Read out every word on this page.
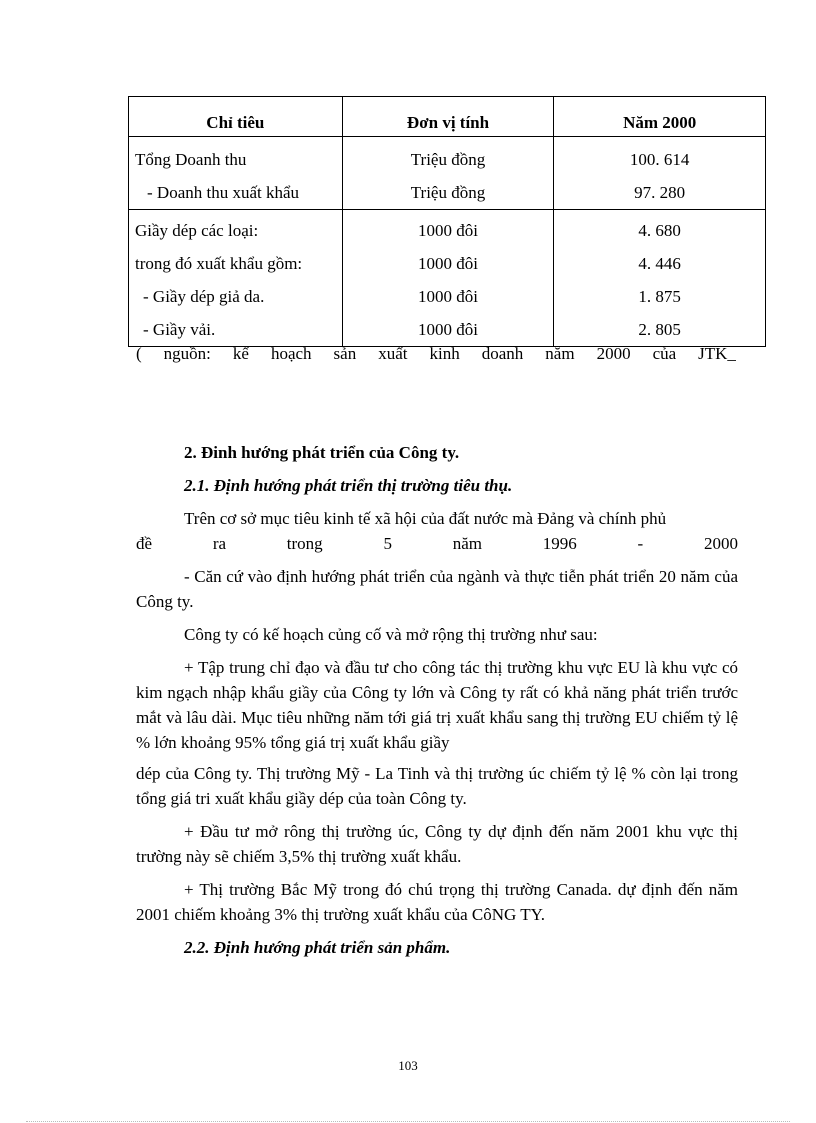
Chỉ tiêu	Đơn vị tính	Năm 2000
Tổng Doanh thu	Triệu đồng	100. 614
- Doanh thu xuất khẩu	Triệu đồng	97. 280
Giầy dép các loại:	1000 đôi	4. 680
trong đó xuất khẩu gồm:	1000 đôi	4. 446
- Giầy dép giả da.	1000 đôi	1. 875
- Giầy vải.	1000 đôi	2. 805
( nguồn: kế hoạch sản xuất kinh doanh năm 2000 của JTK_

2. Đinh hướng phát triển của Công ty.

2.1. Định hướng phát triển thị trường tiêu thụ.

Trên cơ sở mục tiêu kinh tế xã hội của đất nước mà Đảng và chính phủ

đề	ra	trong	5	năm	1996	-	2000

- Căn cứ vào định hướng phát triển của ngành và thực tiễn phát triển 20 năm của Công ty.

Công ty có kế hoạch củng cố và mở rộng thị trường như sau:

+ Tập trung chỉ đạo và đầu tư cho công tác thị trường khu vực EU là khu vực có kim ngạch nhập khẩu giầy của Công ty lớn và Công ty rất có khả năng phát triển trước mắt và lâu dài. Mục tiêu những năm tới giá trị xuất khẩu sang thị trường EU chiếm tỷ lệ % lớn khoảng 95% tổng giá trị xuất khẩu giầy

dép của Công ty. Thị trường Mỹ - La Tinh và thị trường úc chiếm tỷ lệ % còn lại trong tổng giá tri xuất khẩu giầy dép của toàn Công ty.

+ Đầu tư mở rông thị trường úc, Công ty dự định đến năm 2001 khu vực thị trường này sẽ chiếm 3,5% thị trường xuất khẩu.

+ Thị trường Bắc Mỹ trong đó chú trọng thị trường Canada. dự định đến năm 2001 chiếm khoảng 3% thị trường xuất khẩu của CôNG TY.

2.2. Định hướng phát triển sản phẩm.

103
